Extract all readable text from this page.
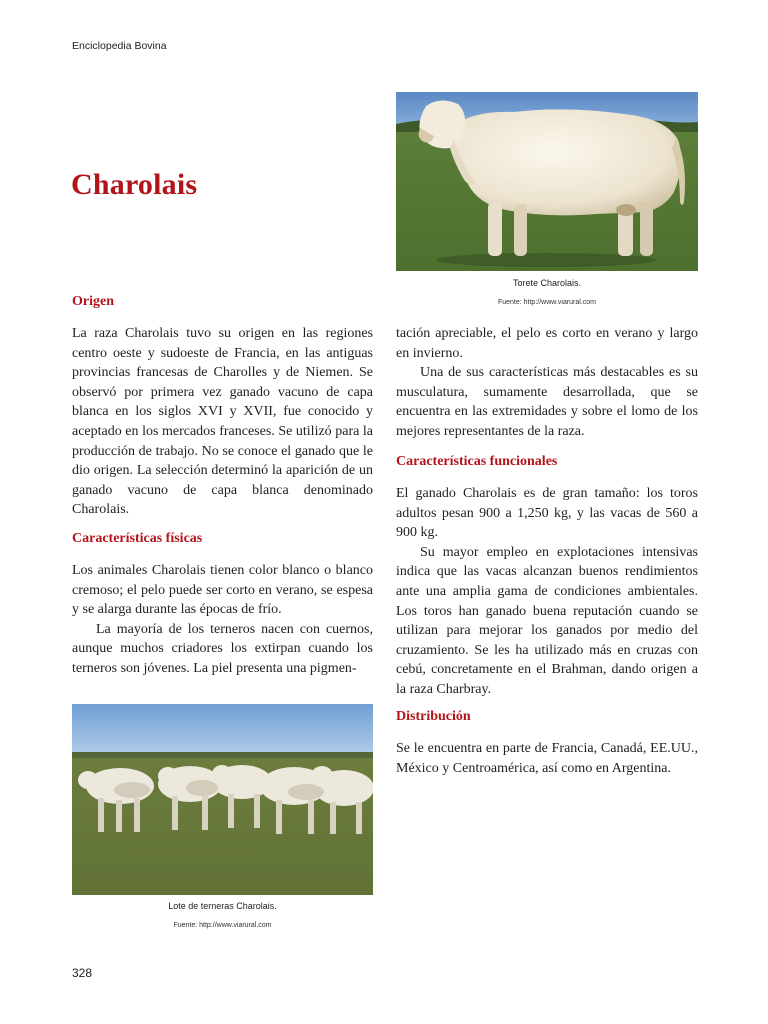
Enciclopedia Bovina
Charolais
Torete Charolais.
Fuente: http://www.viarural.com
Origen

La raza Charolais tuvo su origen en las regiones centro oeste y sudoeste de Francia, en las antiguas provincias francesas de Charolles y de Niemen. Se observó por primera vez ganado vacuno de capa blanca en los siglos XVI y XVII, fue conocido y aceptado en los mercados franceses. Se utilizó para la producción de trabajo. No se conoce el ganado que le dio origen. La selección determinó la aparición de un ganado vacuno de capa blanca denominado Charolais.

Características físicas

Los animales Charolais tienen color blanco o blanco cremoso; el pelo puede ser corto en verano, se espesa y se alarga durante las épocas de frío.

La mayoría de los terneros nacen con cuernos, aunque muchos criadores los extirpan cuando los terneros son jóvenes. La piel presenta una pigmen-

Lote de terneras Charolais.
Fuente: http://www.viarural.com

tación apreciable, el pelo es corto en verano y largo en invierno.

Una de sus características más destacables es su musculatura, sumamente desarrollada, que se encuentra en las extremidades y sobre el lomo de los mejores representantes de la raza.

Características funcionales

El ganado Charolais es de gran tamaño: los toros adultos pesan 900 a 1,250 kg, y las vacas de 560 a 900 kg.

Su mayor empleo en explotaciones intensivas indica que las vacas alcanzan buenos rendimientos ante una amplia gama de condiciones ambientales. Los toros han ganado buena reputación cuando se utilizan para mejorar los ganados por medio del cruzamiento. Se les ha utilizado más en cruzas con cebú, concretamente en el Brahman, dando origen a la raza Charbray.

Distribución

Se le encuentra en parte de Francia, Canadá, EE.UU., México y Centroamérica, así como en Argentina.

328
